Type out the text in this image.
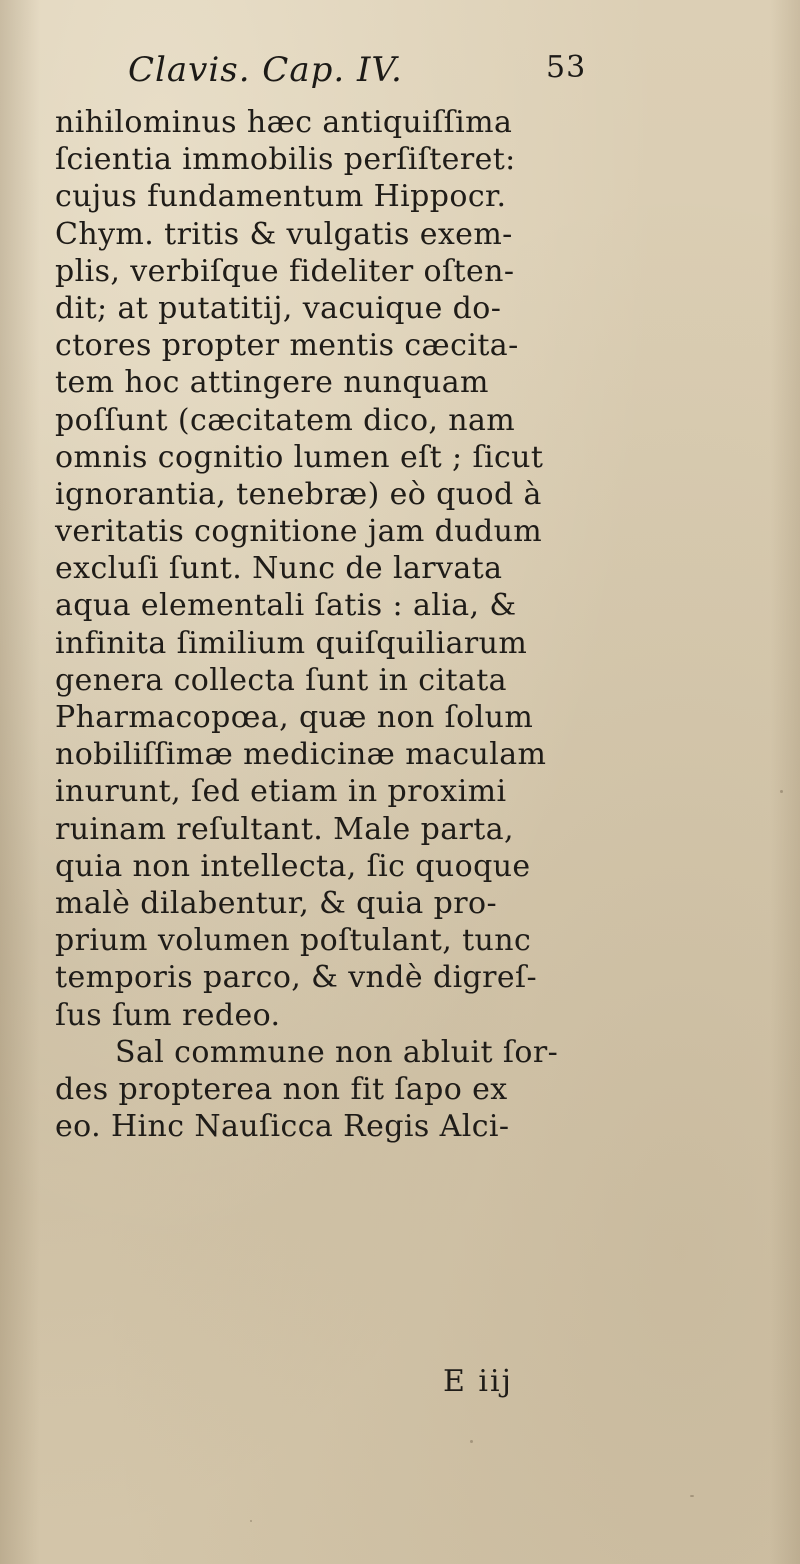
Clavis. Cap. IV.	53
nihilominus hæc antiquiſſima
ſcientia immobilis perſiſteret:
cujus fundamentum Hippocr.
Chym. tritis & vulgatis exem-
plis, verbiſque fideliter oſten-
dit; at putatitij, vacuique do-
ctores propter mentis cæcita-
tem hoc attingere nunquam
poſſunt (cæcitatem dico, nam
omnis cognitio lumen eſt ; ſicut
ignorantia, tenebræ) eò quod à
veritatis cognitione jam dudum
excluſi ſunt. Nunc de larvata
aqua elementali ſatis : alia, &
infinita ſimilium quiſquiliarum
genera collecta ſunt in citata
Pharmacopœa, quæ non ſolum
nobiliſſimæ medicinæ maculam
inurunt, ſed etiam in proximi
ruinam reſultant. Male parta,
quia non intellecta, ſic quoque
malè dilabentur, & quia pro-
prium volumen poſtulant, tunc
temporis parco, & vndè digreſ-
ſus ſum redeo.
Sal commune non abluit ſor-
des propterea non fit ſapo ex
eo. Hinc Nauſicca Regis Alci-
E iij
